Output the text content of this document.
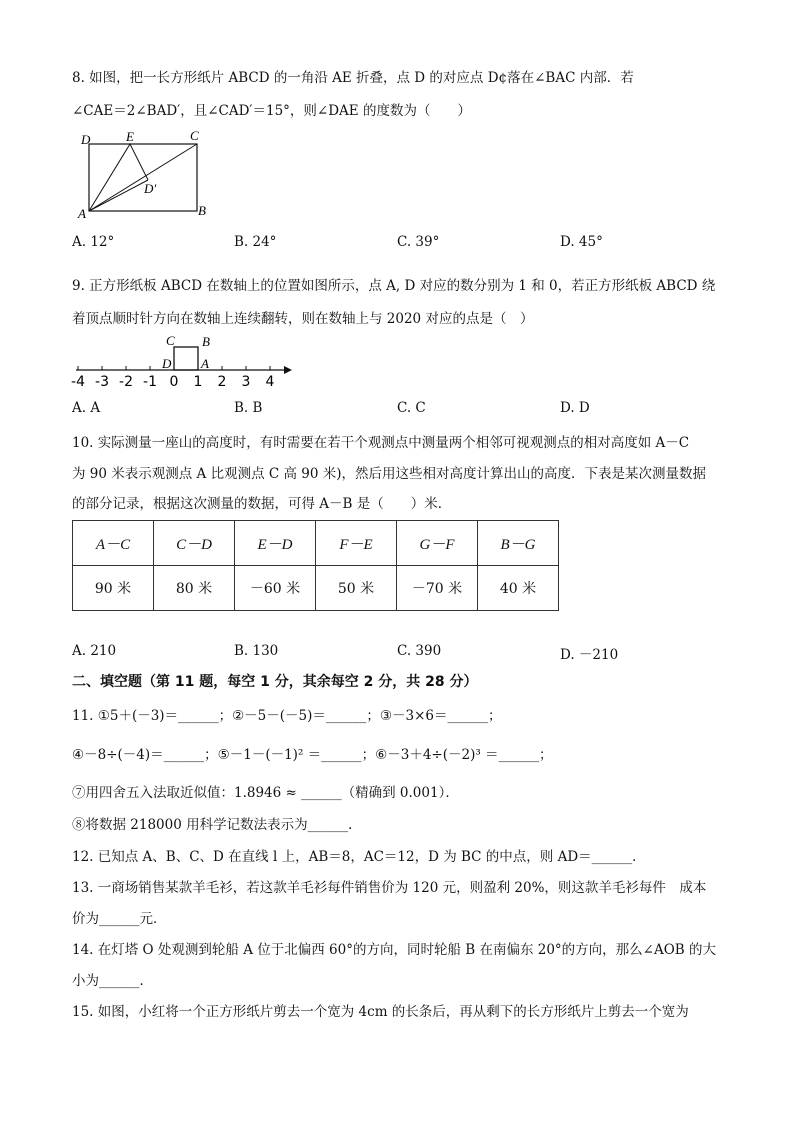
8. 如图，把一长方形纸片 ABCD 的一角沿 AE 折叠，点 D 的对应点 D¢落在∠BAC 内部．若
∠CAE＝2∠BAD′，且∠CAD′＝15°，则∠DAE 的度数为（　　）
D	E	C
D′
A	B
A. 12°	B. 24°	C. 39°	D. 45°
9. 正方形纸板 ABCD 在数轴上的位置如图所示，点 A, D 对应的数分别为 1 和 0，若正方形纸板 ABCD 绕
着顶点顺时针方向在数轴上连续翻转，则在数轴上与 2020 对应的点是（　）
C B
D A
-4 -3 -2 -1 0 1 2 3 4
A. A	B. B	C. C	D. D
10. 实际测量一座山的高度时，有时需要在若干个观测点中测量两个相邻可视观测点的相对高度如 A－C
为 90 米表示观测点 A 比观测点 C 高 90 米)，然后用这些相对高度计算出山的高度．下表是某次测量数据
的部分记录，根据这次测量的数据，可得 A－B 是（　　）米．
A－C	C－D	E－D	F－E	G－F	B－G
90 米	80 米	－60 米	50 米	－70 米	40 米
A. 210	B. 130	C. 390	D. －210
二、填空题（第 11 题，每空 1 分，其余每空 2 分，共 28 分）
11. ①5＋(－3)＝______；②－5－(－5)＝______；③－3×6＝______；
④－8÷(－4)＝______；⑤－1－(－1)² ＝______；⑥－3＋4÷(－2)³ ＝______；
⑦用四舍五入法取近似值：1.8946 ≈ ______（精确到 0.001）．
⑧将数据 218000 用科学记数法表示为______．
12. 已知点 A、B、C、D 在直线 l 上，AB＝8，AC＝12，D 为 BC 的中点，则 AD＝______．
13. 一商场销售某款羊毛衫，若这款羊毛衫每件销售价为 120 元，则盈利 20%，则这款羊毛衫每件　成本
价为______元．
14. 在灯塔 O 处观测到轮船 A 位于北偏西 60°的方向，同时轮船 B 在南偏东 20°的方向，那么∠AOB 的大
小为______．
15. 如图，小红将一个正方形纸片剪去一个宽为 4cm 的长条后，再从剩下的长方形纸片上剪去一个宽为
